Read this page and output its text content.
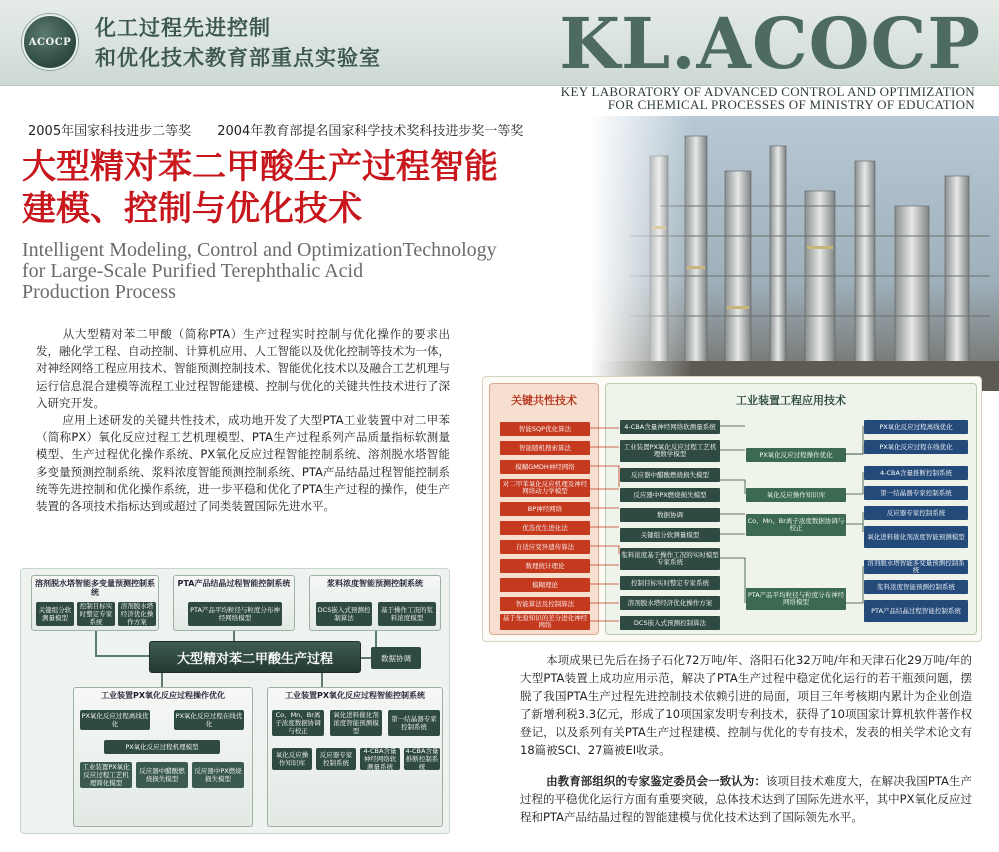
ACOCP
化工过程先进控制
和优化技术教育部重点实验室	KL.ACOCP
KEY LABORATORY OF ADVANCED CONTROL AND OPTIMIZATION
FOR CHEMICAL PROCESSES OF MINISTRY OF EDUCATION
2005年国家科技进步二等奖 2004年教育部提名国家科学技术奖科技进步奖一等奖
大型精对苯二甲酸生产过程智能
建模、控制与优化技术
Intelligent Modeling, Control and OptimizationTechnology
for Large-Scale Purified Terephthalic Acid
Production Process
从大型精对苯二甲酸（简称PTA）生产过程实时控制与优化操作的要求出发，融化学工程、自动控制、计算机应用、人工智能以及优化控制等技术为一体，对神经网络工程应用技术、智能预测控制技术、智能优化技术以及融合工艺机理与运行信息混合建模等流程工业过程智能建模、控制与优化的关键共性技术进行了深入研究开发。
应用上述研发的关键共性技术，成功地开发了大型PTA工业装置中对二甲苯（简称PX）氧化反应过程工艺机理模型、PTA生产过程系列产品质量指标软测量模型、生产过程优化操作系统、PX氧化反应过程智能控制系统、溶剂脱水塔智能多变量预测控制系统、浆料浓度智能预测控制系统、PTA产品结晶过程智能控制系统等先进控制和优化操作系统，进一步平稳和优化了PTA生产过程的操作，使生产装置的各项技术指标达到或超过了同类装置国际先进水平。
本项成果已先后在扬子石化72万吨/年、洛阳石化32万吨/年和天津石化29万吨/年的大型PTA装置上成功应用示范，解决了PTA生产过程中稳定优化运行的若干瓶颈问题，摆脱了我国PTA生产过程先进控制技术依赖引进的局面，项目三年考核期内累计为企业创造了新增利税3.3亿元，形成了10项国家发明专利技术，获得了10项国家计算机软件著作权登记，以及系列有关PTA生产过程建模、控制与优化的专有技术，发表的相关学术论文有18篇被SCI、27篇被EI收录。
由教育部组织的专家鉴定委员会一致认为：该项目技术难度大，在解决我国PTA生产过程的平稳优化运行方面有重要突破，总体技术达到了国际先进水平，其中PX氧化反应过程和PTA产品结晶过程的智能建模与优化技术达到了国际领先水平。
溶剂脱水塔智能多变量预测控制系统
关键组分软测量模型
控制目标实时整定专家系统
溶剂脱水塔经济优化操作方案
PTA产品结晶过程智能控制系统
PTA产品平均粒径与粒度分布神经网络模型
浆料浓度智能预测控制系统
DCS嵌入式预测控制算法
基于操作工况的浆料浓度模型
大型精对苯二甲酸生产过程	数据协调
工业装置PX氧化反应过程操作优化
PX氧化反应过程离线优化
PX氧化反应过程在线优化
PX氧化反应过程机理模型
工业装置PX氧化反应过程工艺机理简化模型
反应器中醋酸燃烧损失模型
反应器中PX燃烧损失模型
工业装置PX氧化反应过程智能控制系统
Co、Mn、Br离子浓度数据协调与校正
氧化进料催化剂浓度智能预测模型
第一结晶器专家控制系统
氧化反应操作知识库
反应器专家控制系统
4-CBA含量神经网络软测量系统
4-CBA含量推断控制系统
关键共性技术
智能SQP优化算法
智能随机搜索算法
模糊GMDH神经网络
对二甲苯氧化反应机理及神经网络动力学模型
BP神经网络
优选优生进化法
自适应变异遗传算法
数理统计理论
模糊理论
智能算法及控制算法
基于先验知识的差分进化神经网络
工业装置工程应用技术
4-CBA含量神经网络软测量系统
工业装置PX氧化反应过程工艺机理数学模型
反应器中醋酸燃烧损失模型
反应器中PX燃烧损失模型
数据协调
关键组分软测量模型
浆料浓度基于操作工况的实时模型专家系统
控制目标实时整定专家系统
溶剂脱水塔经济优化操作方案
DCS嵌入式预测控制算法
PX氧化反应过程操作优化
氧化反应操作知识库
Co、Mn、Br离子浓度数据协调与校正
PTA产品平均粒径与粒度分布神经网络模型
PX氧化反应过程离线优化
PX氧化反应过程在线优化
4-CBA含量推断控制系统
第一结晶器专家控制系统
反应器专家控制系统
氧化进料催化剂浓度智能预测模型
溶剂脱水塔智能多变量预测控制系统
浆料浓度智能预测控制系统
PTA产品结晶过程智能控制系统
